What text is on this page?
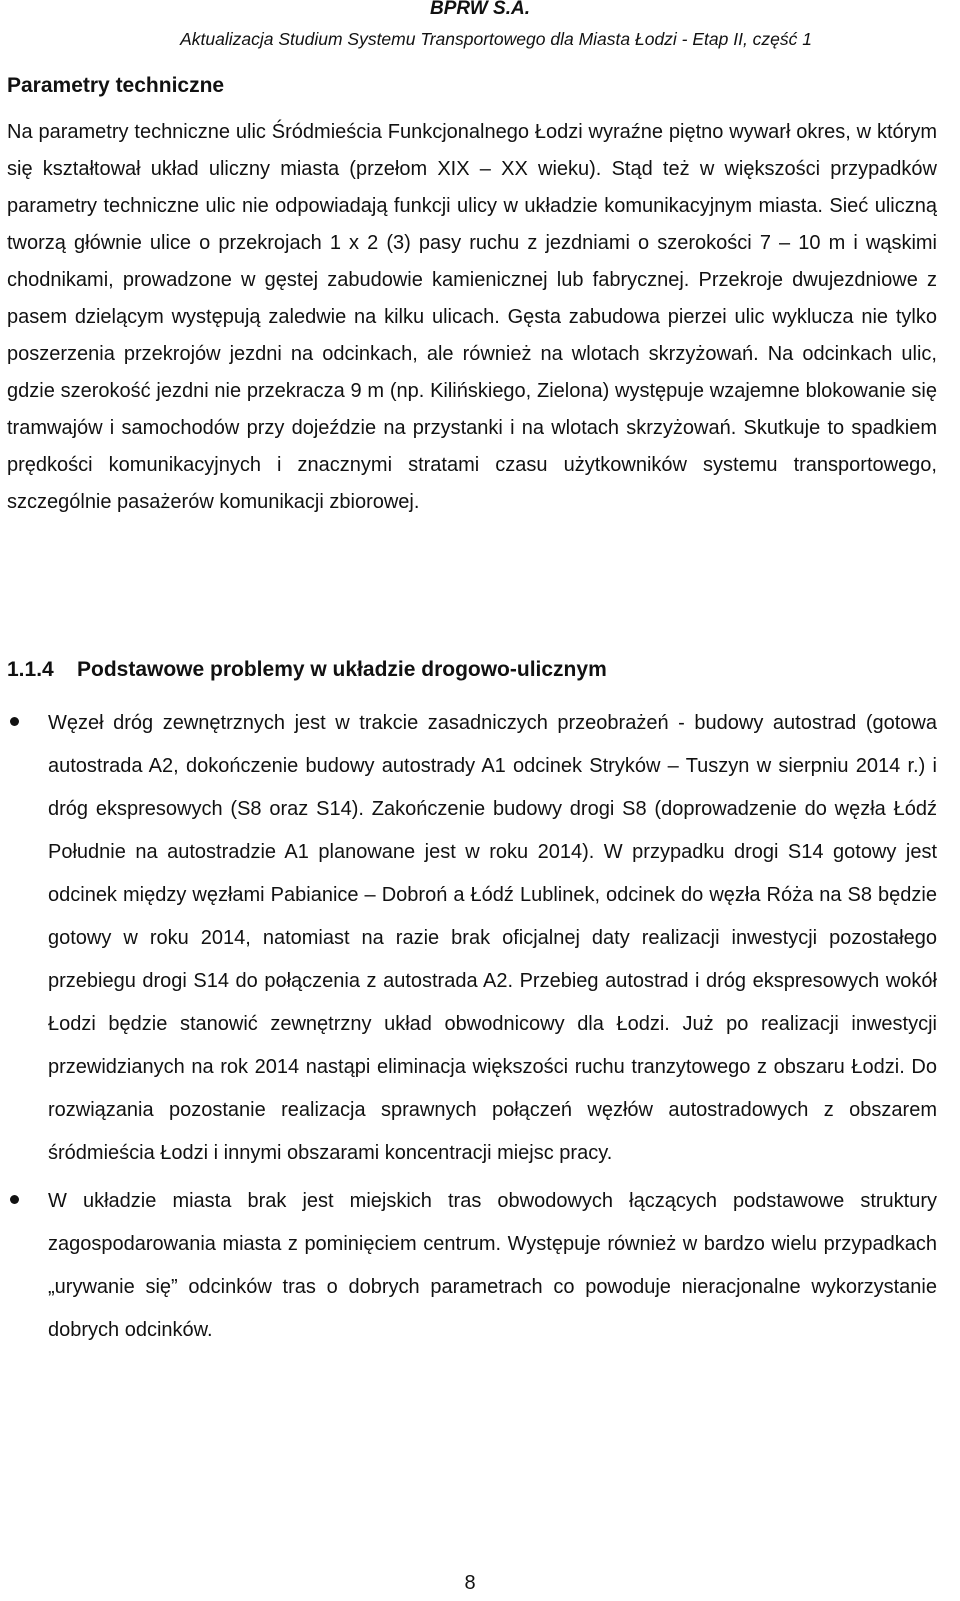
BPRW S.A.
Aktualizacja Studium Systemu Transportowego dla Miasta Łodzi - Etap II, część 1
Parametry techniczne

Na parametry techniczne ulic Śródmieścia Funkcjonalnego Łodzi wyraźne piętno wywarł okres, w którym się kształtował układ uliczny miasta (przełom XIX – XX wieku). Stąd też w większości przypadków parametry techniczne ulic nie odpowiadają funkcji ulicy w układzie komunikacyjnym miasta. Sieć uliczną tworzą głównie ulice o przekrojach 1 x 2 (3) pasy ruchu z jezdniami o szerokości 7 – 10 m i wąskimi chodnikami, prowadzone w gęstej zabudowie kamienicznej lub fabrycznej. Przekroje dwujezdniowe z pasem dzielącym występują zaledwie na kilku ulicach. Gęsta zabudowa pierzei ulic wyklucza nie tylko poszerzenia przekrojów jezdni na odcinkach, ale również na wlotach skrzyżowań. Na odcinkach ulic, gdzie szerokość jezdni nie przekracza 9 m (np. Kilińskiego, Zielona) występuje wzajemne blokowanie się tramwajów i samochodów przy dojeździe na przystanki i na wlotach skrzyżowań. Skutkuje to spadkiem prędkości komunikacyjnych i znacznymi stratami czasu użytkowników systemu transportowego, szczególnie pasażerów komunikacji zbiorowej.

1.1.4 Podstawowe problemy w układzie drogowo-ulicznym
Węzeł dróg zewnętrznych jest w trakcie zasadniczych przeobrażeń - budowy autostrad (gotowa autostrada A2, dokończenie budowy autostrady A1 odcinek Stryków – Tuszyn w sierpniu 2014 r.) i dróg ekspresowych (S8 oraz S14). Zakończenie budowy drogi S8 (doprowadzenie do węzła Łódź Południe na autostradzie A1 planowane jest w roku 2014). W przypadku drogi S14 gotowy jest odcinek między węzłami Pabianice – Dobroń a Łódź Lublinek, odcinek do węzła Róża na S8 będzie gotowy w roku 2014, natomiast na razie brak oficjalnej daty realizacji inwestycji pozostałego przebiegu drogi S14 do połączenia z autostrada A2. Przebieg autostrad i dróg ekspresowych wokół Łodzi będzie stanowić zewnętrzny układ obwodnicowy dla Łodzi. Już po realizacji inwestycji przewidzianych na rok 2014 nastąpi eliminacja większości ruchu tranzytowego z obszaru Łodzi. Do rozwiązania pozostanie realizacja sprawnych połączeń węzłów autostradowych z obszarem śródmieścia Łodzi i innymi obszarami koncentracji miejsc pracy.
W układzie miasta brak jest miejskich tras obwodowych łączących podstawowe struktury zagospodarowania miasta z pominięciem centrum. Występuje również w bardzo wielu przypadkach „urywanie się” odcinków tras o dobrych parametrach co powoduje nieracjonalne wykorzystanie dobrych odcinków.
8
